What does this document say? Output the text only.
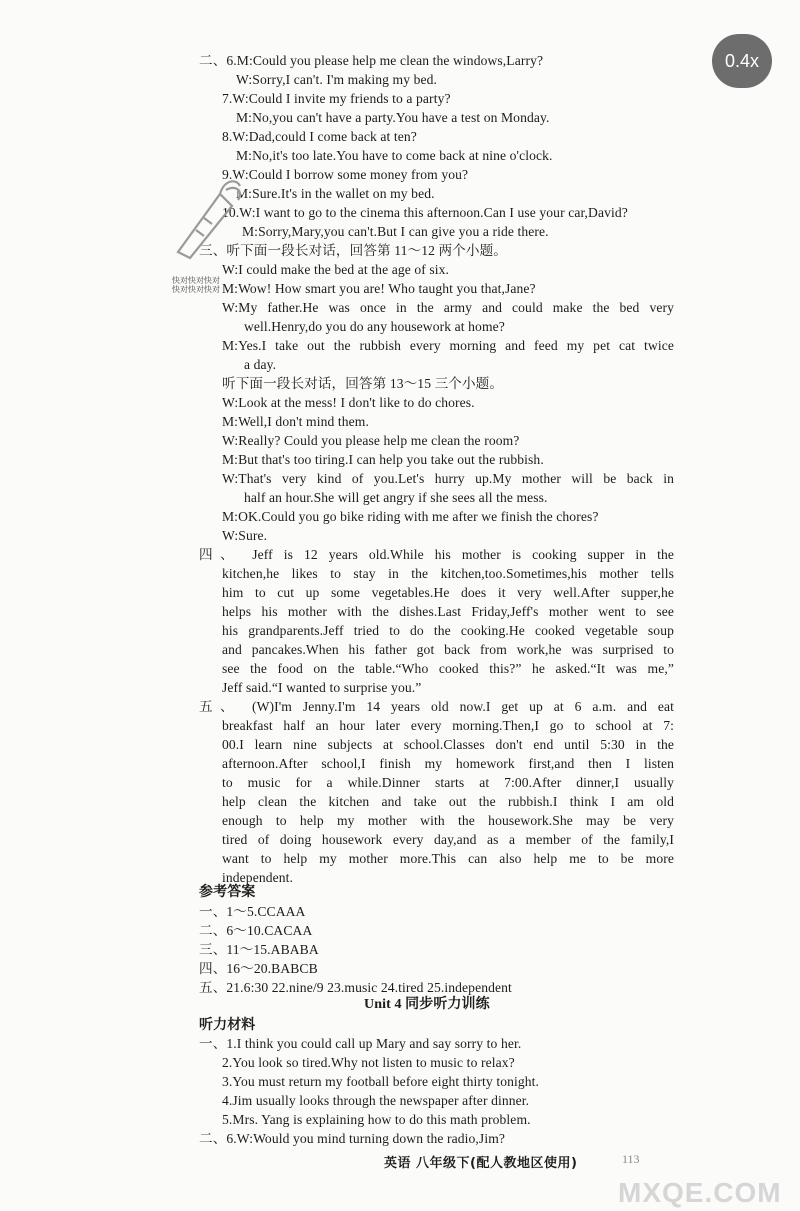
二、6.M:Could you please help me clean the windows,Larry?
W:Sorry,I can't. I'm making my bed.
7.W:Could I invite my friends to a party?
M:No,you can't have a party.You have a test on Monday.
8.W:Dad,could I come back at ten?
M:No,it's too late.You have to come back at nine o'clock.
9.W:Could I borrow some money from you?
M:Sure.It's in the wallet on my bed.
10.W:I want to go to the cinema this afternoon.Can I use your car,David?
M:Sorry,Mary,you can't.But I can give you a ride there.
三、听下面一段长对话，回答第 11～12 两个小题。
W:I could make the bed at the age of six.
M:Wow! How smart you are! Who taught you that,Jane?
W:My father.He was once in the army and could make the bed very
well.Henry,do you do any housework at home?
M:Yes.I take out the rubbish every morning and feed my pet cat twice
a day.
听下面一段长对话，回答第 13～15 三个小题。
W:Look at the mess! I don't like to do chores.
M:Well,I don't mind them.
W:Really? Could you please help me clean the room?
M:But that's too tiring.I can help you take out the rubbish.
W:That's very kind of you.Let's hurry up.My mother will be back in
half an hour.She will get angry if she sees all the mess.
M:OK.Could you go bike riding with me after we finish the chores?
W:Sure.
四、 Jeff is 12 years old.While his mother is cooking supper in the
kitchen,he likes to stay in the kitchen,too.Sometimes,his mother tells
him to cut up some vegetables.He does it very well.After supper,he
helps his mother with the dishes.Last Friday,Jeff's mother went to see
his grandparents.Jeff tried to do the cooking.He cooked vegetable soup
and pancakes.When his father got back from work,he was surprised to
see the food on the table.“Who cooked this?” he asked.“It was me,”
Jeff said.“I wanted to surprise you.”
五、 (W)I'm Jenny.I'm 14 years old now.I get up at 6 a.m. and eat
breakfast half an hour later every morning.Then,I go to school at 7:
00.I learn nine subjects at school.Classes don't end until 5:30 in the
afternoon.After school,I finish my homework first,and then I listen
to music for a while.Dinner starts at 7:00.After dinner,I usually
help clean the kitchen and take out the rubbish.I think I am old
enough to help my mother with the housework.She may be very
tired of doing housework every day,and as a member of the family,I
want to help my mother more.This can also help me to be more
independent.
参考答案
一、1～5.CCAAA
二、6～10.CACAA
三、11～15.ABABA
四、16～20.BABCB
五、21.6:30 22.nine/9 23.music 24.tired 25.independent
Unit 4 同步听力训练
听力材料
一、1.I think you could call up Mary and say sorry to her.
2.You look so tired.Why not listen to music to relax?
3.You must return my football before eight thirty tonight.
4.Jim usually looks through the newspaper after dinner.
5.Mrs. Yang is explaining how to do this math problem.
二、6.W:Would you mind turning down the radio,Jim?
0.4x
快对快对快对
快对快对快对
英语 八年级下(配人教地区使用)	113
MXQE.COM
